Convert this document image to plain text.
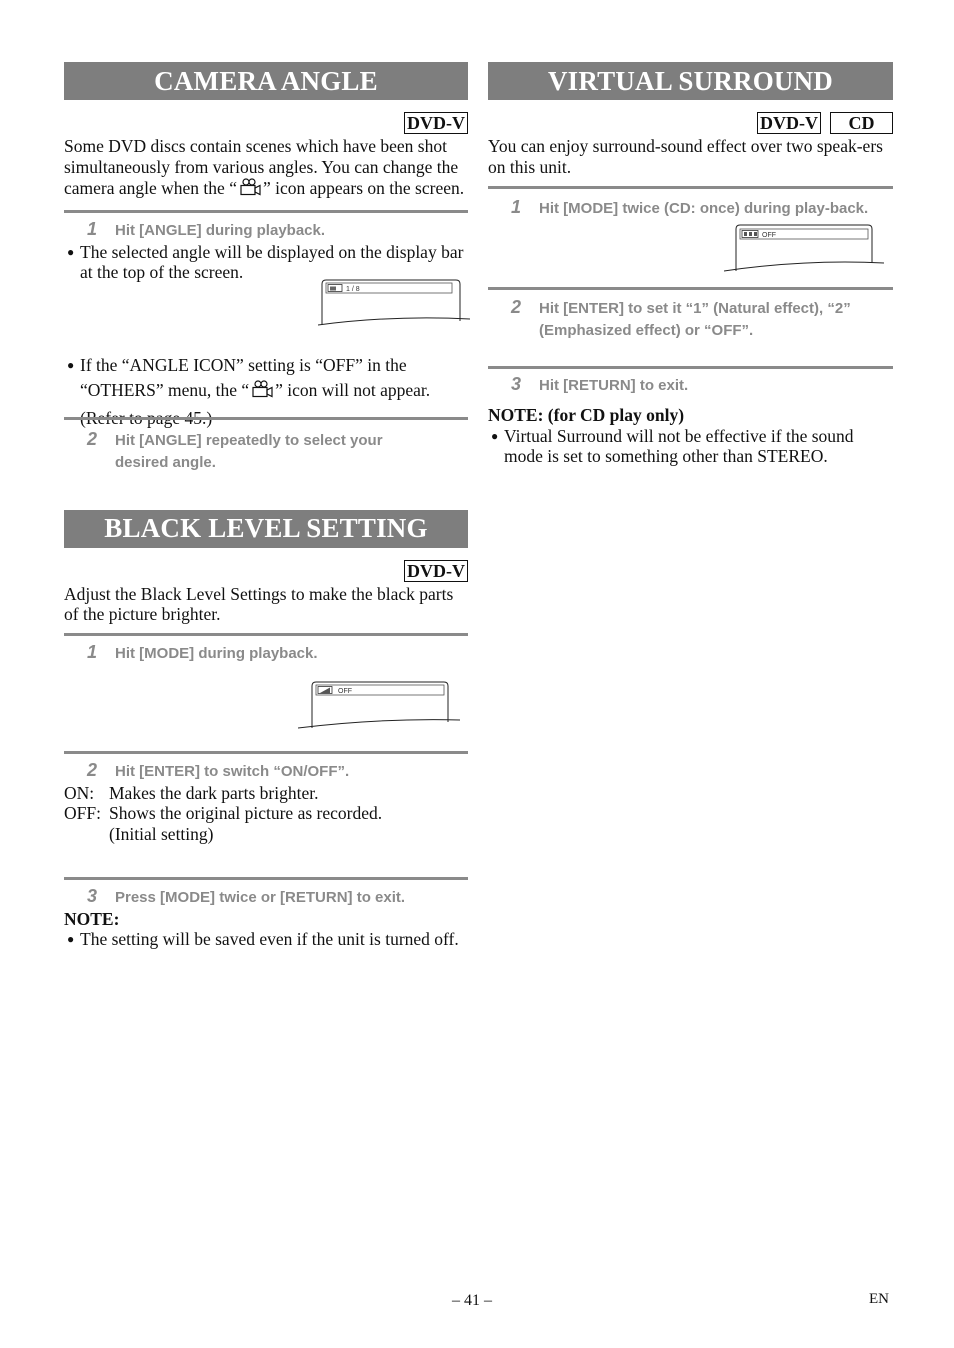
CAMERA ANGLE
DVD-V

Some DVD discs contain scenes which have been shot simultaneously from various angles. You can change the camera angle when the “ ” icon appears on the screen.

1	Hit [ANGLE] during playback.
● The selected angle will be displayed on the display bar at the top of the screen.
1 / 8
● If the “ANGLE ICON” setting is “OFF” in the
“OTHERS” menu, the “ ” icon will not appear.
(Refer to page 45.)
2	Hit [ANGLE] repeatedly to select your desired angle.
BLACK LEVEL SETTING
DVD-V

Adjust the Black Level Settings to make the black parts of the picture brighter.

1	Hit [MODE] during playback.
OFF
2	Hit [ENTER] to switch “ON/OFF”.
ON: Makes the dark parts brighter.
OFF: Shows the original picture as recorded.
(Initial setting)
3	Press [MODE] twice or [RETURN] to exit.
NOTE:
● The setting will be saved even if the unit is turned off.
VIRTUAL SURROUND
DVD-V	CD

You can enjoy surround-sound effect over two speak-ers on this unit.

1	Hit [MODE] twice (CD: once) during play-back.
OFF
2	Hit [ENTER] to set it “1” (Natural effect), “2” (Emphasized effect) or “OFF”.
3	Hit [RETURN] to exit.
NOTE: (for CD play only)
● Virtual Surround will not be effective if the sound mode is set to something other than STEREO.
– 41 –	EN
